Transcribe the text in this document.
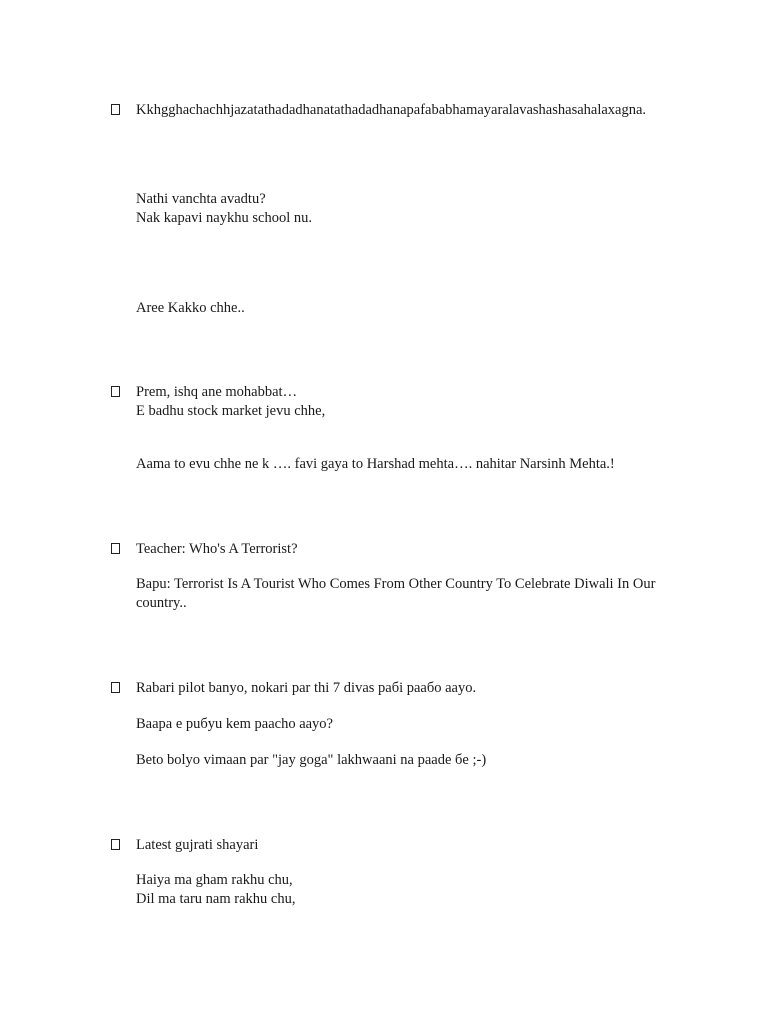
Kkhgghachachhjazatathadadhanatathadadhanapafababhamayaralavashashasahalaxagna.
Nathi vanchta avadtu?
Nak kapavi naykhu school nu.
Aree Kakko chhe..
Prem, ishq ane mohabbat…
E badhu stock market jevu chhe,
Aama to evu chhe ne k …. favi gaya to Harshad mehta…. nahitar Narsinh Mehta.!
Teacher: Who's A Terrorist?
Bapu: Terrorist Is A Tourist Who Comes From Other Country To Celebrate Diwali In Our country..
Rabari pilot banyo, nokari par thi 7 divas paбi paaбo aayo.
Baapa e puбyu kem paacho aayo?
Beto bolyo vimaan par "jay goga" lakhwaani na paade бe ;-)
Latest gujrati shayari
Haiya ma gham rakhu chu,
Dil ma taru nam rakhu chu,
